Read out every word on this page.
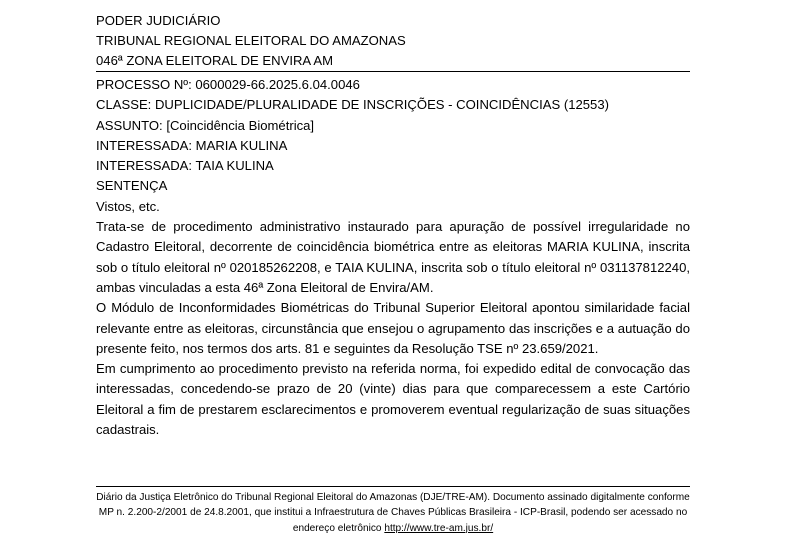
PODER JUDICIÁRIO
TRIBUNAL REGIONAL ELEITORAL DO AMAZONAS
046ª ZONA ELEITORAL DE ENVIRA AM
PROCESSO Nº: 0600029-66.2025.6.04.0046
CLASSE: DUPLICIDADE/PLURALIDADE DE INSCRIÇÕES - COINCIDÊNCIAS (12553)
ASSUNTO: [Coincidência Biométrica]
INTERESSADA: MARIA KULINA
INTERESSADA: TAIA KULINA
SENTENÇA
Vistos, etc.

Trata-se de procedimento administrativo instaurado para apuração de possível irregularidade no Cadastro Eleitoral, decorrente de coincidência biométrica entre as eleitoras MARIA KULINA, inscrita sob o título eleitoral nº 020185262208, e TAIA KULINA, inscrita sob o título eleitoral nº 031137812240, ambas vinculadas a esta 46ª Zona Eleitoral de Envira/AM.

O Módulo de Inconformidades Biométricas do Tribunal Superior Eleitoral apontou similaridade facial relevante entre as eleitoras, circunstância que ensejou o agrupamento das inscrições e a autuação do presente feito, nos termos dos arts. 81 e seguintes da Resolução TSE nº 23.659/2021.

Em cumprimento ao procedimento previsto na referida norma, foi expedido edital de convocação das interessadas, concedendo-se prazo de 20 (vinte) dias para que comparecessem a este Cartório Eleitoral a fim de prestarem esclarecimentos e promoverem eventual regularização de suas situações cadastrais.

Diário da Justiça Eletrônico do Tribunal Regional Eleitoral do Amazonas (DJE/TRE-AM). Documento assinado digitalmente conforme MP n. 2.200-2/2001 de 24.8.2001, que institui a Infraestrutura de Chaves Públicas Brasileira - ICP-Brasil, podendo ser acessado no endereço eletrônico http://www.tre-am.jus.br/
